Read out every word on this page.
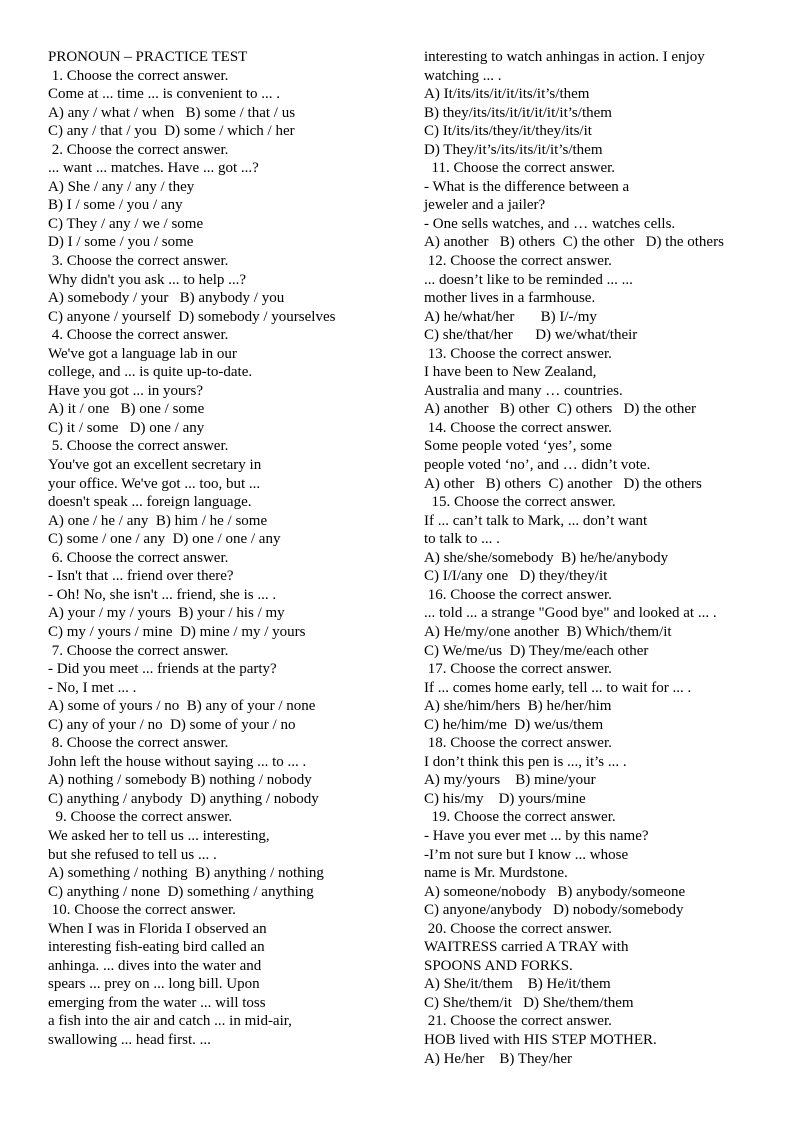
PRONOUN – PRACTICE TEST
1. Choose the correct answer.
Come at ... time ... is convenient to ... .
A) any / what / when   B) some / that / us
C) any / that / you  D) some / which / her
2. Choose the correct answer.
... want ... matches. Have ... got ...?
A) She / any / any / they
B) I / some / you / any
C) They / any / we / some
D) I / some / you / some
3. Choose the correct answer.
Why didn't you ask ... to help ...?
A) somebody / your   B) anybody / you
C) anyone / yourself  D) somebody / yourselves
4. Choose the correct answer.
We've got a language lab in our
college, and ... is quite up-to-date.
Have you got ... in yours?
A) it / one   B) one / some
C) it / some   D) one / any
5. Choose the correct answer.
You've got an excellent secretary in
your office. We've got ... too, but ...
doesn't speak ... foreign language.
A) one / he / any  B) him / he / some
C) some / one / any  D) one / one / any
6. Choose the correct answer.
- Isn't that ... friend over there?
- Oh! No, she isn't ... friend, she is ... .
A) your / my / yours  B) your / his / my
C) my / yours / mine  D) mine / my / yours
7. Choose the correct answer.
- Did you meet ... friends at the party?
- No, I met ... .
A) some of yours / no  B) any of your / none
C) any of your / no  D) some of your / no
8. Choose the correct answer.
John left the house without saying ... to ... .
A) nothing / somebody B) nothing / nobody
C) anything / anybody  D) anything / nobody
9. Choose the correct answer.
We asked her to tell us ... interesting,
but she refused to tell us ... .
A) something / nothing  B) anything / nothing
C) anything / none  D) something / anything
10. Choose the correct answer.
When I was in Florida I observed an
interesting fish-eating bird called an
anhinga. ... dives into the water and
spears ... prey on ... long bill. Upon
emerging from the water ... will toss
a fish into the air and catch ... in mid-air,
swallowing ... head first. ...
interesting to watch anhingas in action. I enjoy
watching ... .
A) It/its/its/it/it/its/it’s/them
B) they/its/its/it/it/it/it/it’s/them
C) It/its/its/they/it/they/its/it
D) They/it’s/its/its/it/it’s/them
11. Choose the correct answer.
- What is the difference between a
jeweler and a jailer?
- One sells watches, and … watches cells.
A) another   B) others  C) the other   D) the others
12. Choose the correct answer.
... doesn’t like to be reminded ... ...
mother lives in a farmhouse.
A) he/what/her       B) I/-/my
C) she/that/her      D) we/what/their
13. Choose the correct answer.
I have been to New Zealand,
Australia and many … countries.
A) another   B) other  C) others   D) the other
14. Choose the correct answer.
Some people voted ‘yes’, some
people voted ‘no’, and … didn’t vote.
A) other   B) others  C) another   D) the others
15. Choose the correct answer.
If ... can’t talk to Mark, ... don’t want
to talk to ... .
A) she/she/somebody  B) he/he/anybody
C) I/I/any one   D) they/they/it
16. Choose the correct answer.
... told ... a strange "Good bye" and looked at ... .
A) He/my/one another  B) Which/them/it
C) We/me/us  D) They/me/each other
17. Choose the correct answer.
If ... comes home early, tell ... to wait for ... .
A) she/him/hers  B) he/her/him
C) he/him/me  D) we/us/them
18. Choose the correct answer.
I don’t think this pen is ..., it’s ... .
A) my/yours    B) mine/your
C) his/my    D) yours/mine
19. Choose the correct answer.
- Have you ever met ... by this name?
-I’m not sure but I know ... whose
name is Mr. Murdstone.
A) someone/nobody   B) anybody/someone
C) anyone/anybody   D) nobody/somebody
20. Choose the correct answer.
WAITRESS carried A TRAY with
SPOONS AND FORKS.
A) She/it/them    B) He/it/them
C) She/them/it   D) She/them/them
21. Choose the correct answer.
HOB lived with HIS STEP MOTHER.
A) He/her    B) They/her
